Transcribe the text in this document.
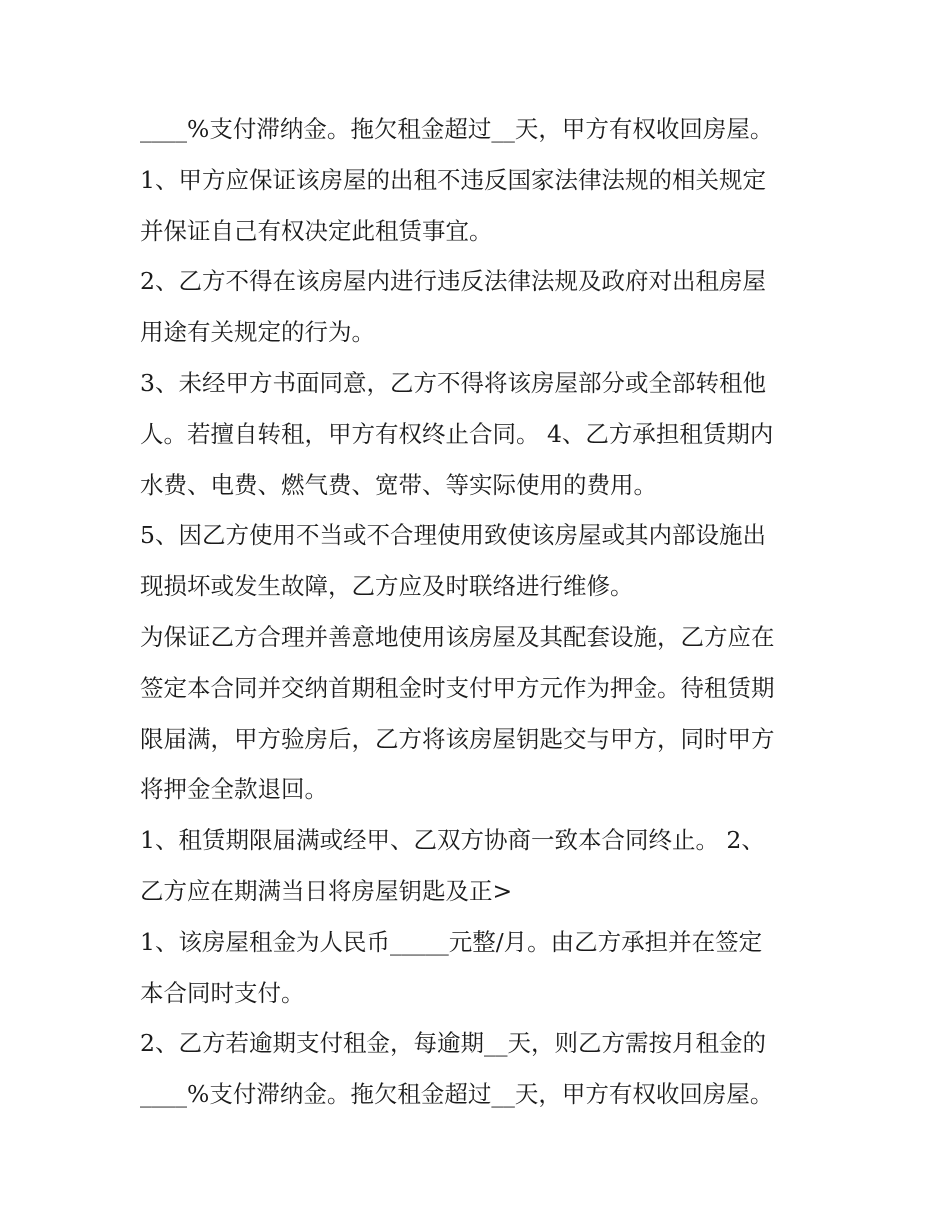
____%支付滞纳金。拖欠租金超过__天，甲方有权收回房屋。
1、甲方应保证该房屋的出租不违反国家法律法规的相关规定
并保证自己有权决定此租赁事宜。
2、乙方不得在该房屋内进行违反法律法规及政府对出租房屋
用途有关规定的行为。
3、未经甲方书面同意，乙方不得将该房屋部分或全部转租他
人。若擅自转租，甲方有权终止合同。 4、乙方承担租赁期内
水费、电费、燃气费、宽带、等实际使用的费用。
5、因乙方使用不当或不合理使用致使该房屋或其内部设施出
现损坏或发生故障，乙方应及时联络进行维修。
为保证乙方合理并善意地使用该房屋及其配套设施，乙方应在
签定本合同并交纳首期租金时支付甲方元作为押金。待租赁期
限届满，甲方验房后，乙方将该房屋钥匙交与甲方，同时甲方
将押金全款退回。
1、租赁期限届满或经甲、乙双方协商一致本合同终止。 2、
乙方应在期满当日将房屋钥匙及正>
1、该房屋租金为人民币_____元整/月。由乙方承担并在签定
本合同时支付。
2、乙方若逾期支付租金，每逾期__天，则乙方需按月租金的
____%支付滞纳金。拖欠租金超过__天，甲方有权收回房屋。
